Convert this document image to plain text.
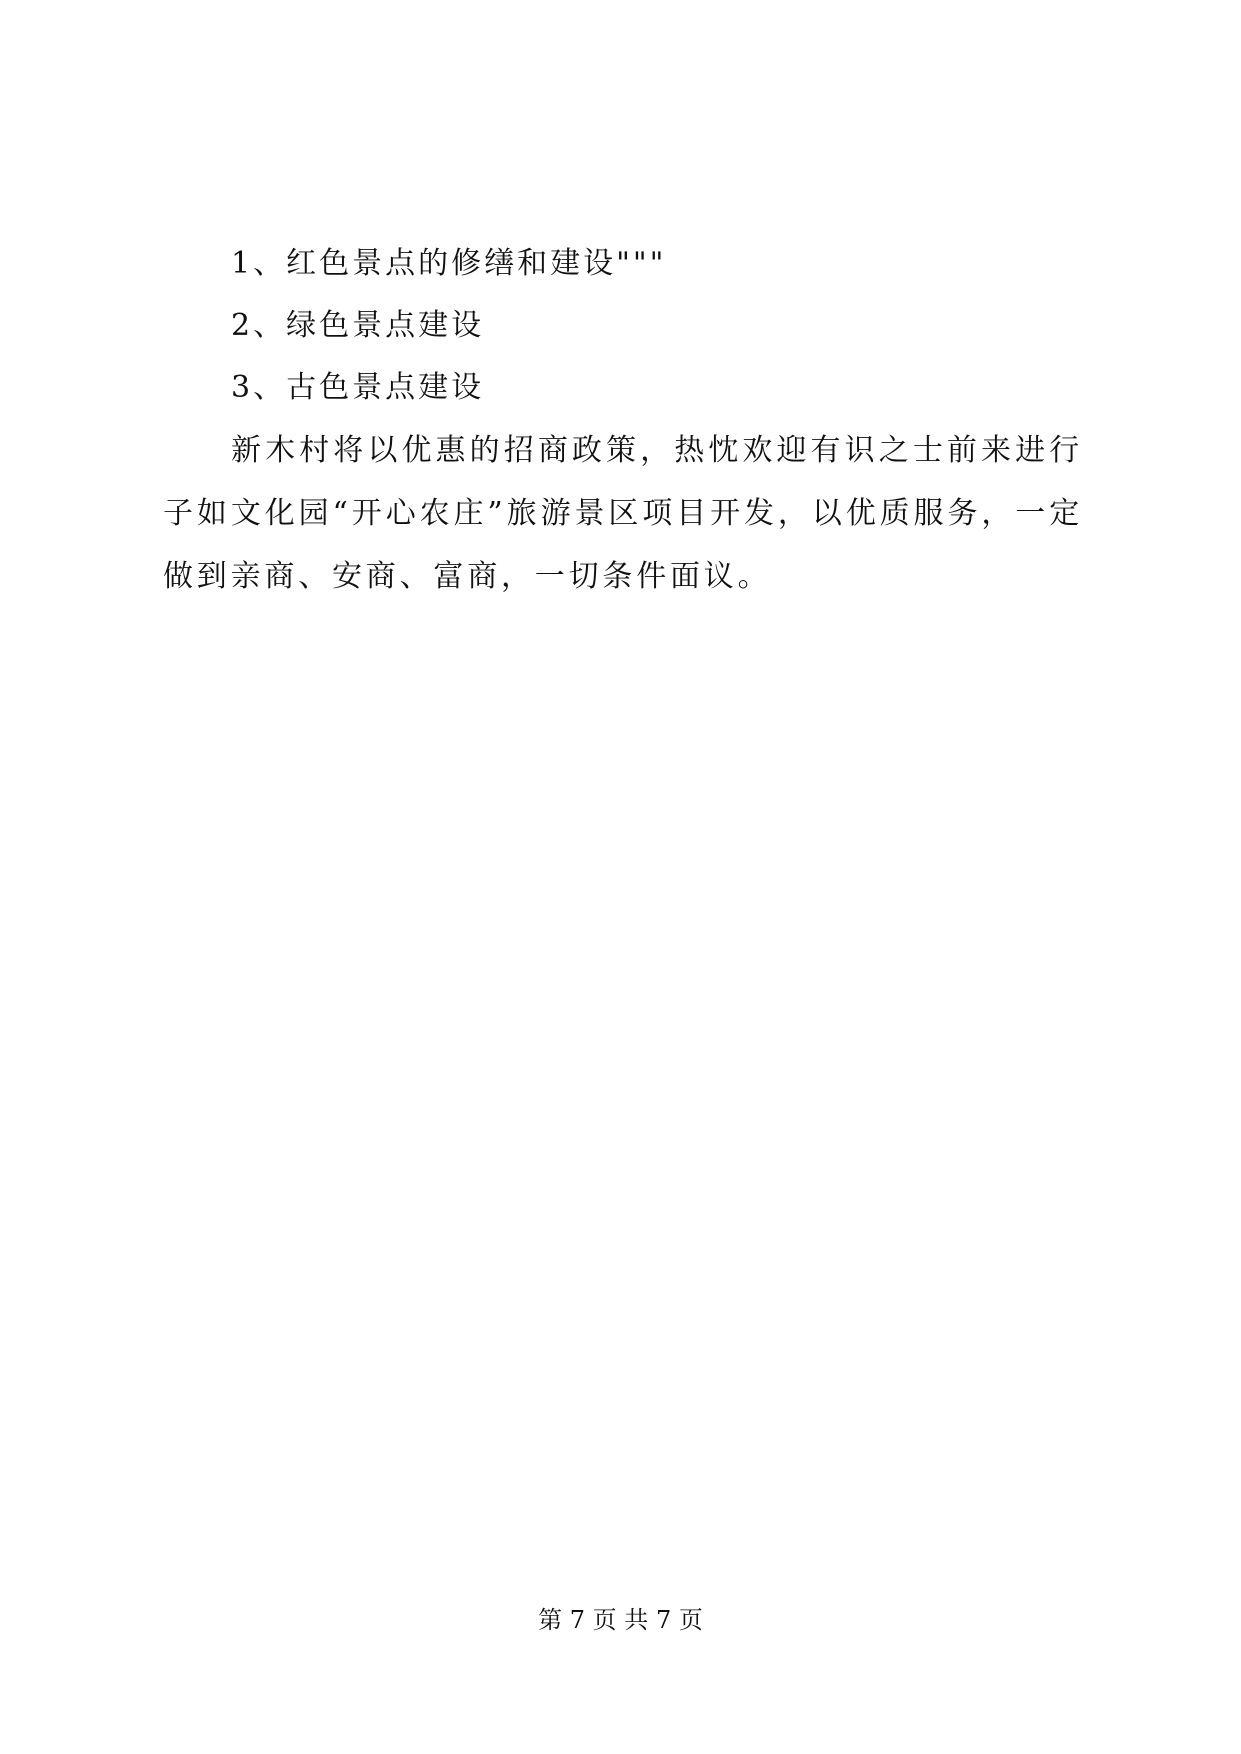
1、红色景点的修缮和建设"""
2、绿色景点建设
3、古色景点建设

新木村将以优惠的招商政策，热忱欢迎有识之士前来进行子如文化园“开心农庄”旅游景区项目开发，以优质服务，一定做到亲商、安商、富商，一切条件面议。

第 7 页 共 7 页
